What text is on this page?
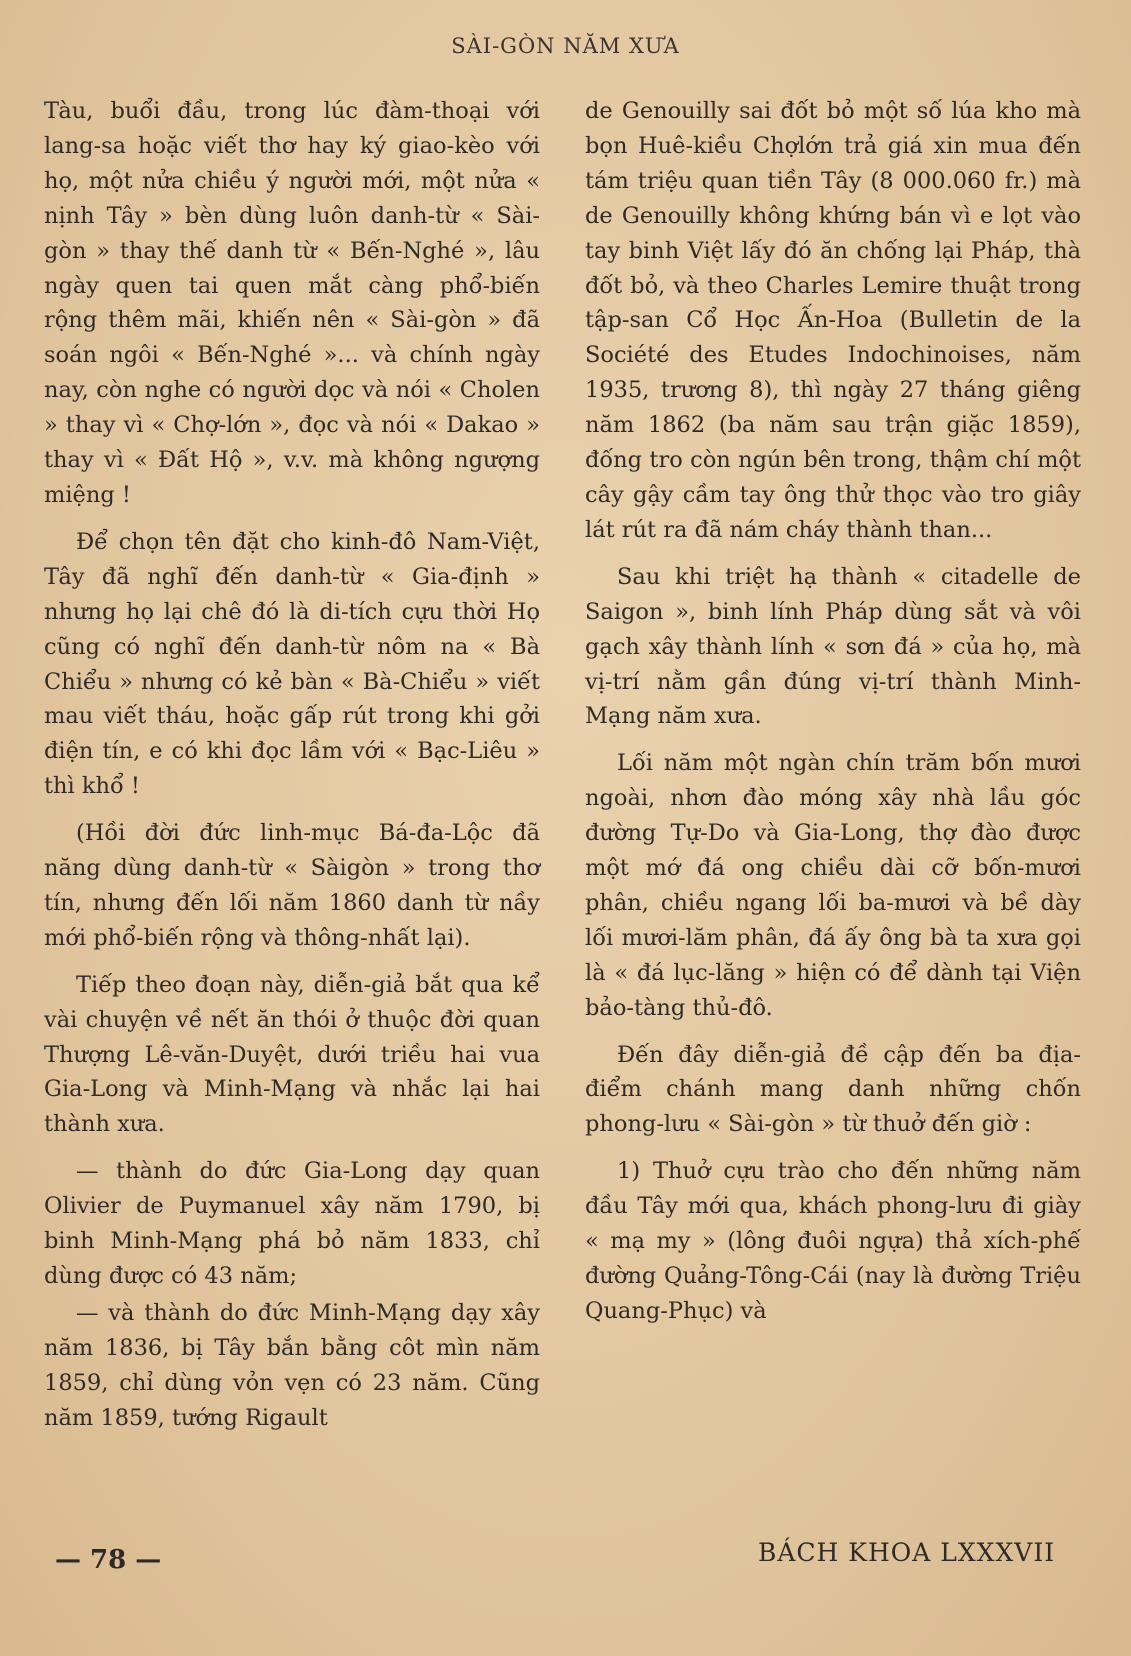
SÀI-GÒN NĂM XƯA

Tàu, buổi đầu, trong lúc đàm-thoại với lang-sa hoặc viết thơ hay ký giao-kèo với họ, một nửa chiều ý người mới, một nửa « nịnh Tây » bèn dùng luôn danh-từ « Sài-gòn » thay thế danh từ « Bến-Nghé », lâu ngày quen tai quen mắt càng phổ-biến rộng thêm mãi, khiến nên « Sài-gòn » đã soán ngôi « Bến-Nghé »... và chính ngày nay, còn nghe có người dọc và nói « Cholen » thay vì « Chợ-lớn », đọc và nói « Dakao » thay vì « Đất Hộ », v.v. mà không ngượng miệng !

Để chọn tên đặt cho kinh-đô Nam-Việt, Tây đã nghĩ đến danh-từ « Gia-định » nhưng họ lại chê đó là di-tích cựu thời Họ cũng có nghĩ đến danh-từ nôm na « Bà Chiểu » nhưng có kẻ bàn « Bà-Chiểu » viết mau viết tháu, hoặc gấp rút trong khi gởi điện tín, e có khi đọc lầm với « Bạc-Liêu » thì khổ !

(Hồi đời đức linh-mục Bá-đa-Lộc đã năng dùng danh-từ « Sàigòn » trong thơ tín, nhưng đến lối năm 1860 danh từ nầy mới phổ-biến rộng và thông-nhất lại).

Tiếp theo đoạn này, diễn-giả bắt qua kể vài chuyện về nết ăn thói ở thuộc đời quan Thượng Lê-văn-Duyệt, dưới triều hai vua Gia-Long và Minh-Mạng và nhắc lại hai thành xưa.

— thành do đức Gia-Long dạy quan Olivier de Puymanuel xây năm 1790, bị binh Minh-Mạng phá bỏ năm 1833, chỉ dùng được có 43 năm;

— và thành do đức Minh-Mạng dạy xây năm 1836, bị Tây bắn bằng côt mìn năm 1859, chỉ dùng vỏn vẹn có 23 năm. Cũng năm 1859, tướng Rigault

de Genouilly sai đốt bỏ một số lúa kho mà bọn Huê-kiều Chợlớn trả giá xin mua đến tám triệu quan tiền Tây (8 000.060 fr.) mà de Genouilly không khứng bán vì e lọt vào tay binh Việt lấy đó ăn chống lại Pháp, thà đốt bỏ, và theo Charles Lemire thuật trong tập-san Cổ Học Ấn-Hoa (Bulletin de la Société des Etudes Indochinoises, năm 1935, trương 8), thì ngày 27 tháng giêng năm 1862 (ba năm sau trận giặc 1859), đống tro còn ngún bên trong, thậm chí một cây gậy cầm tay ông thử thọc vào tro giây lát rút ra đã nám cháy thành than...

Sau khi triệt hạ thành « citadelle de Saigon », binh lính Pháp dùng sắt và vôi gạch xây thành lính « sơn đá » của họ, mà vị-trí nằm gần đúng vị-trí thành Minh-Mạng năm xưa.

Lối năm một ngàn chín trăm bốn mươi ngoài, nhơn đào móng xây nhà lầu góc đường Tự-Do và Gia-Long, thợ đào được một mớ đá ong chiều dài cỡ bốn-mươi phân, chiều ngang lối ba-mươi và bề dày lối mươi-lăm phân, đá ấy ông bà ta xưa gọi là « đá lục-lăng » hiện có để dành tại Viện bảo-tàng thủ-đô.

Đến đây diễn-giả đề cập đến ba địa-điểm chánh mang danh những chốn phong-lưu « Sài-gòn » từ thuở đến giờ :

1) Thuở cựu trào cho đến những năm đầu Tây mới qua, khách phong-lưu đi giày « mạ my » (lông đuôi ngựa) thả xích-phế đường Quảng-Tông-Cái (nay là đường Triệu Quang-Phục) và

— 78 —	BÁCH KHOA LXXXVII
